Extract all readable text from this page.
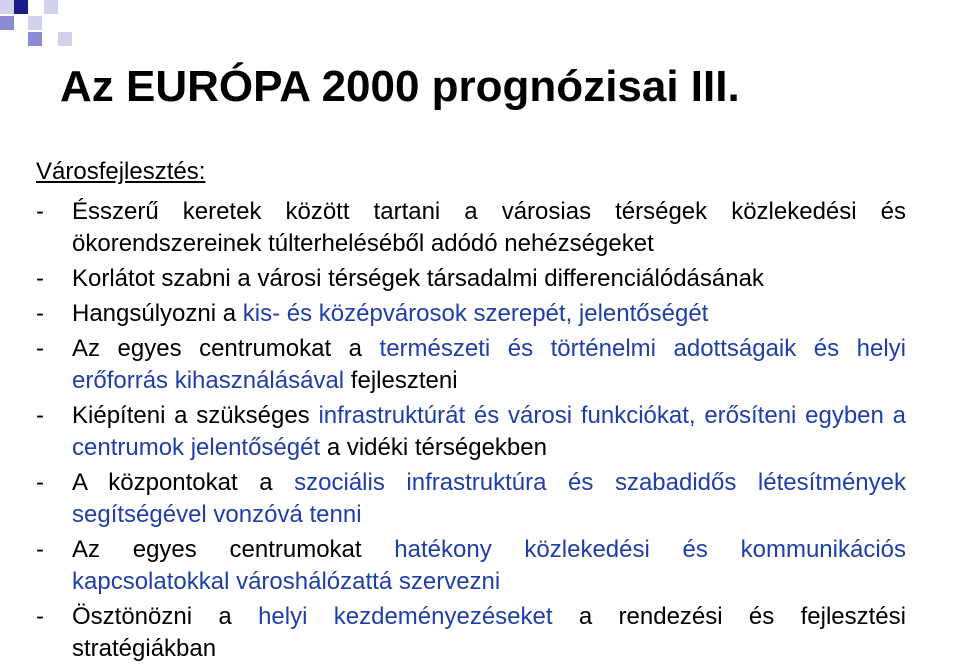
Az EURÓPA 2000 prognózisai III.
Városfejlesztés:
-	Ésszerű keretek között tartani a városias térségek közlekedési és ökorendszereinek túlterheléséből adódó nehézségeket
-	Korlátot szabni a városi térségek társadalmi differenciálódásának
-	Hangsúlyozni a kis- és középvárosok szerepét, jelentőségét
-	Az egyes centrumokat a természeti és történelmi adottságaik és helyi erőforrás kihasználásával fejleszteni
-	Kiépíteni a szükséges infrastruktúrát és városi funkciókat, erősíteni egyben a centrumok jelentőségét a vidéki térségekben
-	A központokat a szociális infrastruktúra és szabadidős létesítmények segítségével vonzóvá tenni
-	Az egyes centrumokat hatékony közlekedési és kommunikációs kapcsolatokkal városhálózattá szervezni
-	Ösztönözni a helyi kezdeményezéseket a rendezési és fejlesztési stratégiákban
